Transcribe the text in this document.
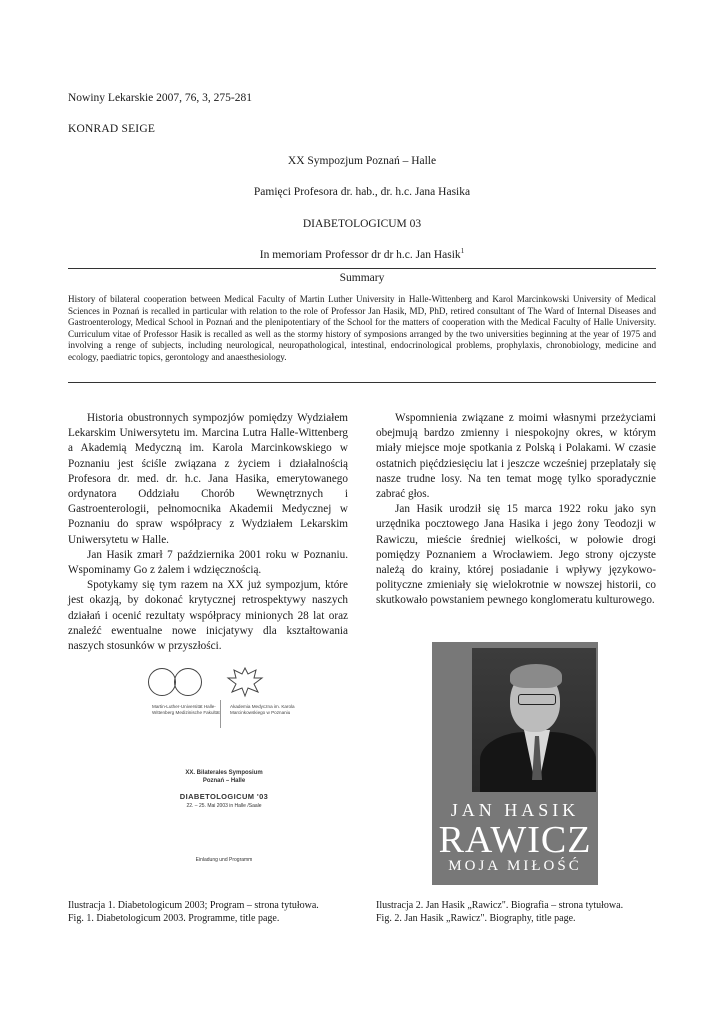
Nowiny Lekarskie 2007, 76, 3, 275-281
KONRAD SEIGE
XX Sympozjum Poznań – Halle
Pamięci Profesora dr. hab., dr. h.c. Jana Hasika
DIABETOLOGICUM 03
In memoriam Professor dr dr h.c. Jan Hasik$^1$
Summary
History of bilateral cooperation between Medical Faculty of Martin Luther University in Halle-Wittenberg and Karol Marcinkowski University of Medical Sciences in Poznań is recalled in particular with relation to the role of Professor Jan Hasik, MD, PhD, retired consultant of The Ward of Internal Diseases and Gastroenterology, Medical School in Poznań and the plenipotentiary of the School for the matters of cooperation with the Medical Faculty of Halle University. Curriculum vitae of Professor Hasik is recalled as well as the stormy history of symposions arranged by the two universities beginning at the year of 1975 and involving a renge of subjects, including neurological, neuropathological, intestinal, endocrinological problems, prophylaxis, chronobiology, medicine and ecology, paediatric topics, gerontology and anaesthesiology.

Historia obustronnych sympozjów pomiędzy Wydziałem Lekarskim Uniwersytetu im. Marcina Lutra Halle-Wittenberg a Akademią Medyczną im. Karola Marcinkowskiego w Poznaniu jest ściśle związana z życiem i działalnością Profesora dr. med. dr. h.c. Jana Hasika, emerytowanego ordynatora Oddziału Chorób Wewnętrznych i Gastroenterologii, pełnomocnika Akademii Medycznej w Poznaniu do spraw współpracy z Wydziałem Lekarskim Uniwersytetu w Halle.

Jan Hasik zmarł 7 października 2001 roku w Poznaniu. Wspominamy Go z żalem i wdzięcznością.

Spotykamy się tym razem na XX już sympozjum, które jest okazją, by dokonać krytycznej retrospektywy naszych działań i ocenić rezultaty współpracy minionych 28 lat oraz znaleźć ewentualne nowe inicjatywy dla kształtowania naszych stosunków w przyszłości.

Wspomnienia związane z moimi własnymi przeżyciami obejmują bardzo zmienny i niespokojny okres, w którym miały miejsce moje spotkania z Polską i Polakami. W czasie ostatnich pięćdziesięciu lat i jeszcze wcześniej przeplatały się nasze trudne losy. Na ten temat mogę tylko sporadycznie zabrać głos.

Jan Hasik urodził się 15 marca 1922 roku jako syn urzędnika pocztowego Jana Hasika i jego żony Teodozji w Rawiczu, mieście średniej wielkości, w połowie drogi pomiędzy Poznaniem a Wrocławiem. Jego strony ojczyste należą do krainy, której posiadanie i wpływy językowo-polityczne zmieniały się wielokrotnie w nowszej historii, co skutkowało powstaniem pewnego konglomeratu kulturowego.

Martin-Luther-Universität Halle-Wittenberg Medizinische Fakultät
Akademia Medyczna im. Karola Marcinkowskiego w Poznaniu
XX. Bilaterales Symposium
Poznań – Halle
DIABETOLOGICUM '03
22. – 25. Mai 2003 in Halle /Saale
Einladung und Programm
JAN HASIK
RAWICZ
MOJA MIŁOŚĆ
Ilustracja 1. Diabetologicum 2003; Program – strona tytułowa.
Fig. 1. Diabetologicum 2003. Programme, title page.
Ilustracja 2. Jan Hasik „Rawicz". Biografia – strona tytułowa.
Fig. 2. Jan Hasik „Rawicz". Biography, title page.
